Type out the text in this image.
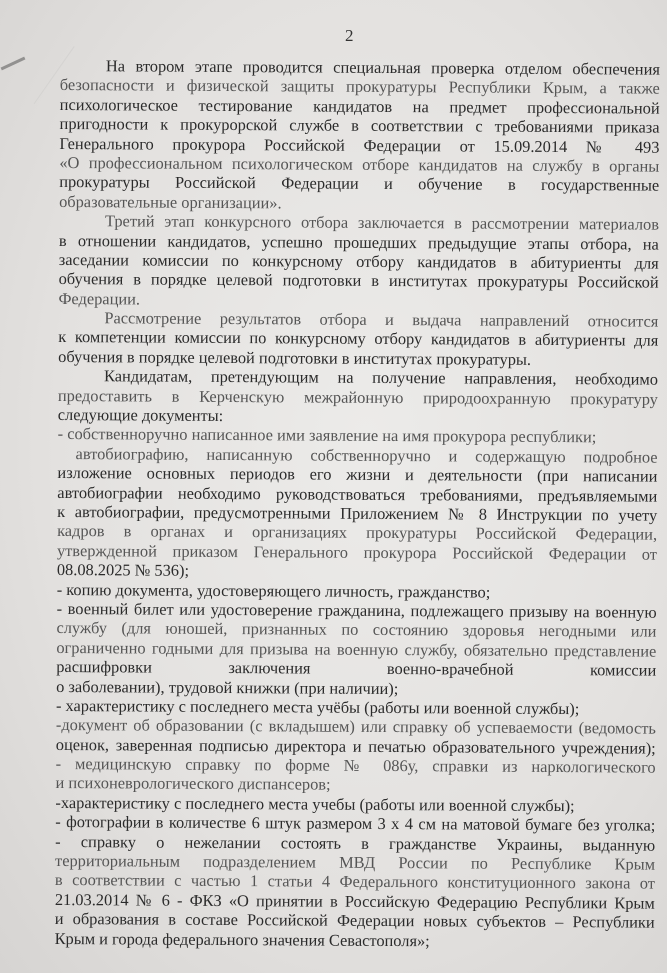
2
На втором этапе проводится специальная проверка отделом обеспечения
безопасности и физической защиты прокуратуры Республики Крым, а также
психологическое тестирование кандидатов на предмет профессиональной
пригодности к прокурорской службе в соответствии с требованиями приказа
Генерального прокурора Российской Федерации от 15.09.2014 № 493
«О профессиональном психологическом отборе кандидатов на службу в органы
прокуратуры Российской Федерации и обучение в государственные
образовательные организации».
Третий этап конкурсного отбора заключается в рассмотрении материалов
в отношении кандидатов, успешно прошедших предыдущие этапы отбора, на
заседании комиссии по конкурсному отбору кандидатов в абитуриенты для
обучения в порядке целевой подготовки в институтах прокуратуры Российской
Федерации.
Рассмотрение результатов отбора и выдача направлений относится
к компетенции комиссии по конкурсному отбору кандидатов в абитуриенты для
обучения в порядке целевой подготовки в институтах прокуратуры.
Кандидатам, претендующим на получение направления, необходимо
предоставить в Керченскую межрайонную природоохранную прокуратуру
следующие документы:
- собственноручно написанное ими заявление на имя прокурора республики;
автобиографию, написанную собственноручно и содержащую подробное
изложение основных периодов его жизни и деятельности (при написании
автобиографии необходимо руководствоваться требованиями, предъявляемыми
к автобиографии, предусмотренными Приложением № 8 Инструкции по учету
кадров в органах и организациях прокуратуры Российской Федерации,
утвержденной приказом Генерального прокурора Российской Федерации от
08.08.2025 № 536);
- копию документа, удостоверяющего личность, гражданство;
- военный билет или удостоверение гражданина, подлежащего призыву на военную
службу (для юношей, признанных по состоянию здоровья негодными или
ограниченно годными для призыва на военную службу, обязательно представление
расшифровки заключения военно-врачебной комиссии
о заболевании), трудовой книжки (при наличии);
- характеристику с последнего места учёбы (работы или военной службы);
-документ об образовании (с вкладышем) или справку об успеваемости (ведомость
оценок, заверенная подписью директора и печатью образовательного учреждения);
- медицинскую справку по форме № 086у, справки из наркологического
и психоневрологического диспансеров;
-характеристику с последнего места учебы (работы или военной службы);
- фотографии в количестве 6 штук размером 3 х 4 см на матовой бумаге без уголка;
- справку о нежелании состоять в гражданстве Украины, выданную
территориальным подразделением МВД России по Республике Крым
в соответствии с частью 1 статьи 4 Федерального конституционного закона от
21.03.2014 № 6 - ФКЗ «О принятии в Российскую Федерацию Республики Крым
и образования в составе Российской Федерации новых субъектов – Республики
Крым и города федерального значения Севастополя»;
